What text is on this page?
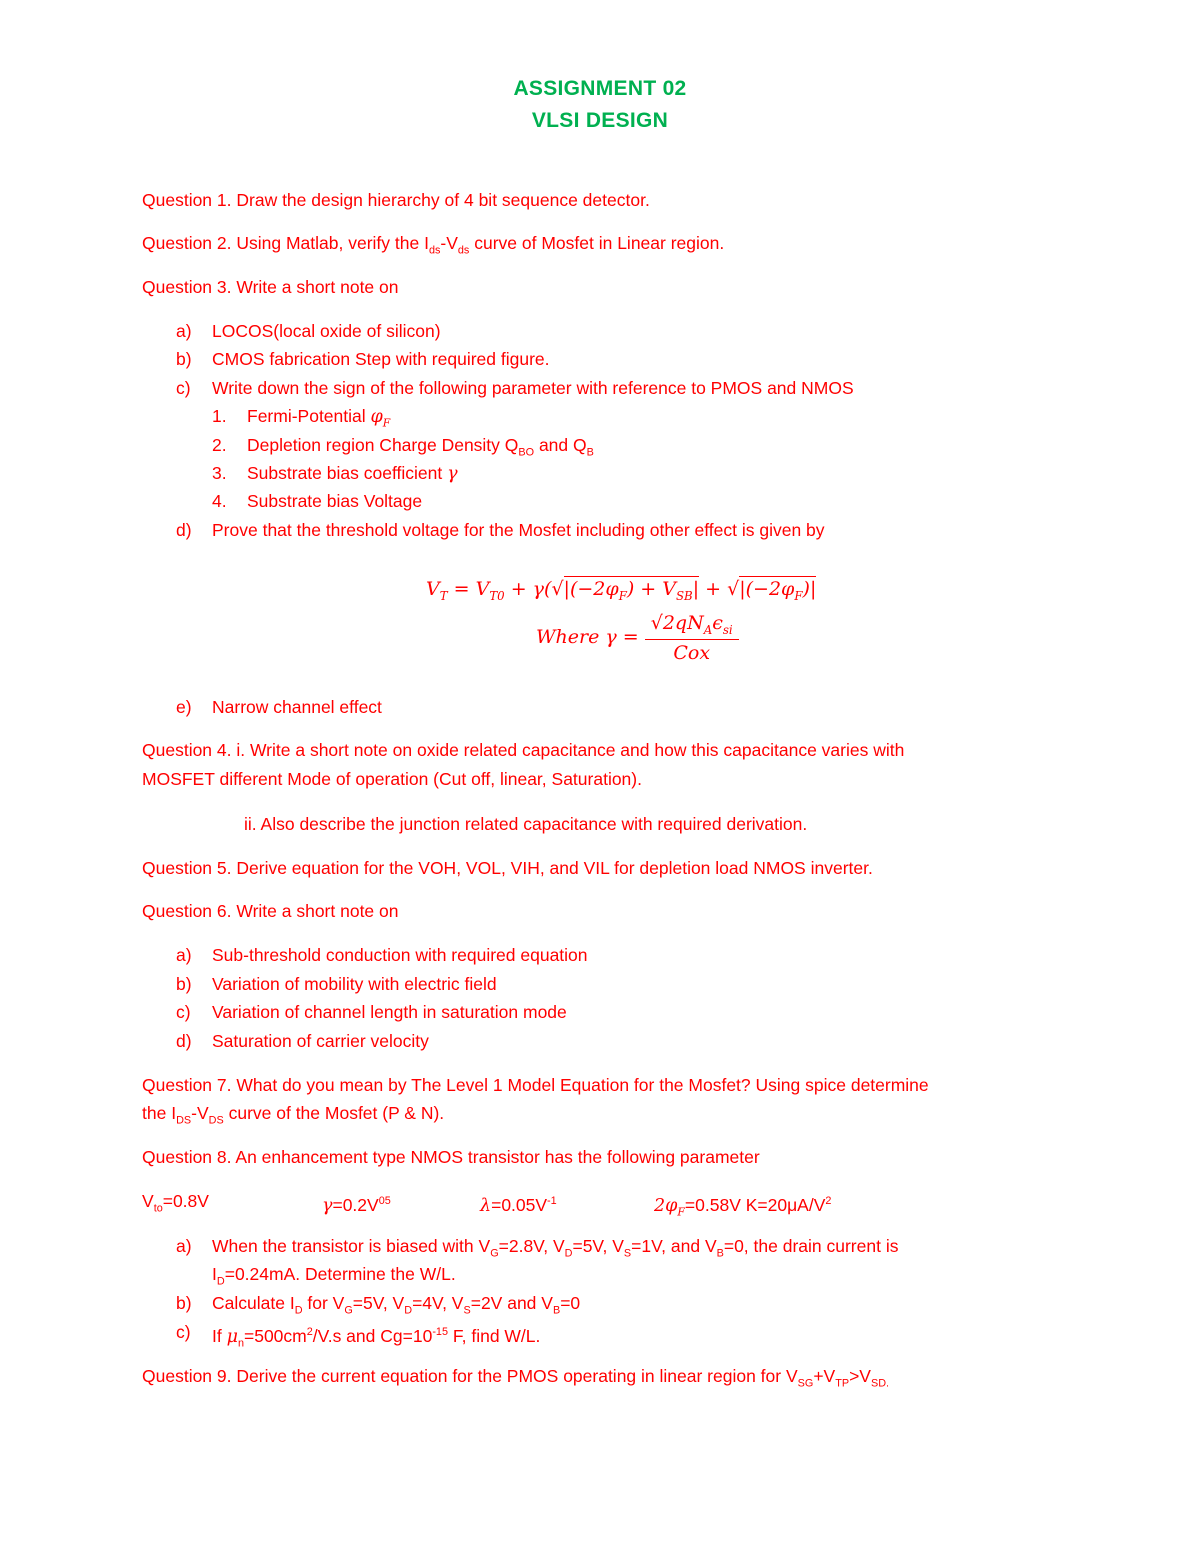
ASSIGNMENT 02
VLSI DESIGN
Question 1. Draw the design hierarchy of 4 bit sequence detector.
Question 2. Using Matlab, verify the $I_{ds}-V_{ds}$ curve of Mosfet in Linear region.
Question 3. Write a short note on
a) LOCOS(local oxide of silicon)
b) CMOS fabrication Step with required figure.
c) Write down the sign of the following parameter with reference to PMOS and NMOS
1. Fermi-Potential $\varphi_F$
2. Depletion region Charge Density $Q_{BO}$ and $Q_B$
3. Substrate bias coefficient γ
4. Substrate bias Voltage
d) Prove that the threshold voltage for the Mosfet including other effect is given by
$V_T = V_{T0} + \gamma(√|(-2\varphi_F) + V_{SB}| + √|(-2\varphi_F)|$
Where $\gamma = \frac{√2qN_A\epsilon_{si}}{\text{Cox}}$
e) Narrow channel effect
Question 4. i. Write a short note on oxide related capacitance and how this capacitance varies with
MOSFET different Mode of operation (Cut off, linear, Saturation).
ii. Also describe the junction related capacitance with required derivation.
Question 5. Derive equation for the VOH, VOL, VIH, and VIL for depletion load NMOS inverter.
Question 6. Write a short note on
a) Sub-threshold conduction with required equation
b) Variation of mobility with electric field
c) Variation of channel length in saturation mode
d) Saturation of carrier velocity
Question 7. What do you mean by The Level 1 Model Equation for the Mosfet? Using spice determine
the $I_{DS}-V_{DS}$ curve of the Mosfet (P & N).
Question 8. An enhancement type NMOS transistor has the following parameter
$V_{to}=0.8V$	$\gamma=0.2V^{05}$	$\lambda=0.05V^{-1}$	$2\varphi_F=0.58V$ $K=20\mu A/V^2$
a) When the transistor is biased with $V_G=2.8V$, $V_D=5V$, $V_S=1V$, and $V_B=0$, the drain current is
$I_D=0.24mA$. Determine the W/L.
b) Calculate $I_D$ for $V_G=5V$, $V_D=4V$, $V_S=2V$ and $V_B=0$
c) If $\mu_n=500cm^2/V.s$ and $Cg=10^{-15}$ F, find W/L.
Question 9. Derive the current equation for the PMOS operating in linear region for $V_{SG}+V_{TP}>V_{SD.}$
